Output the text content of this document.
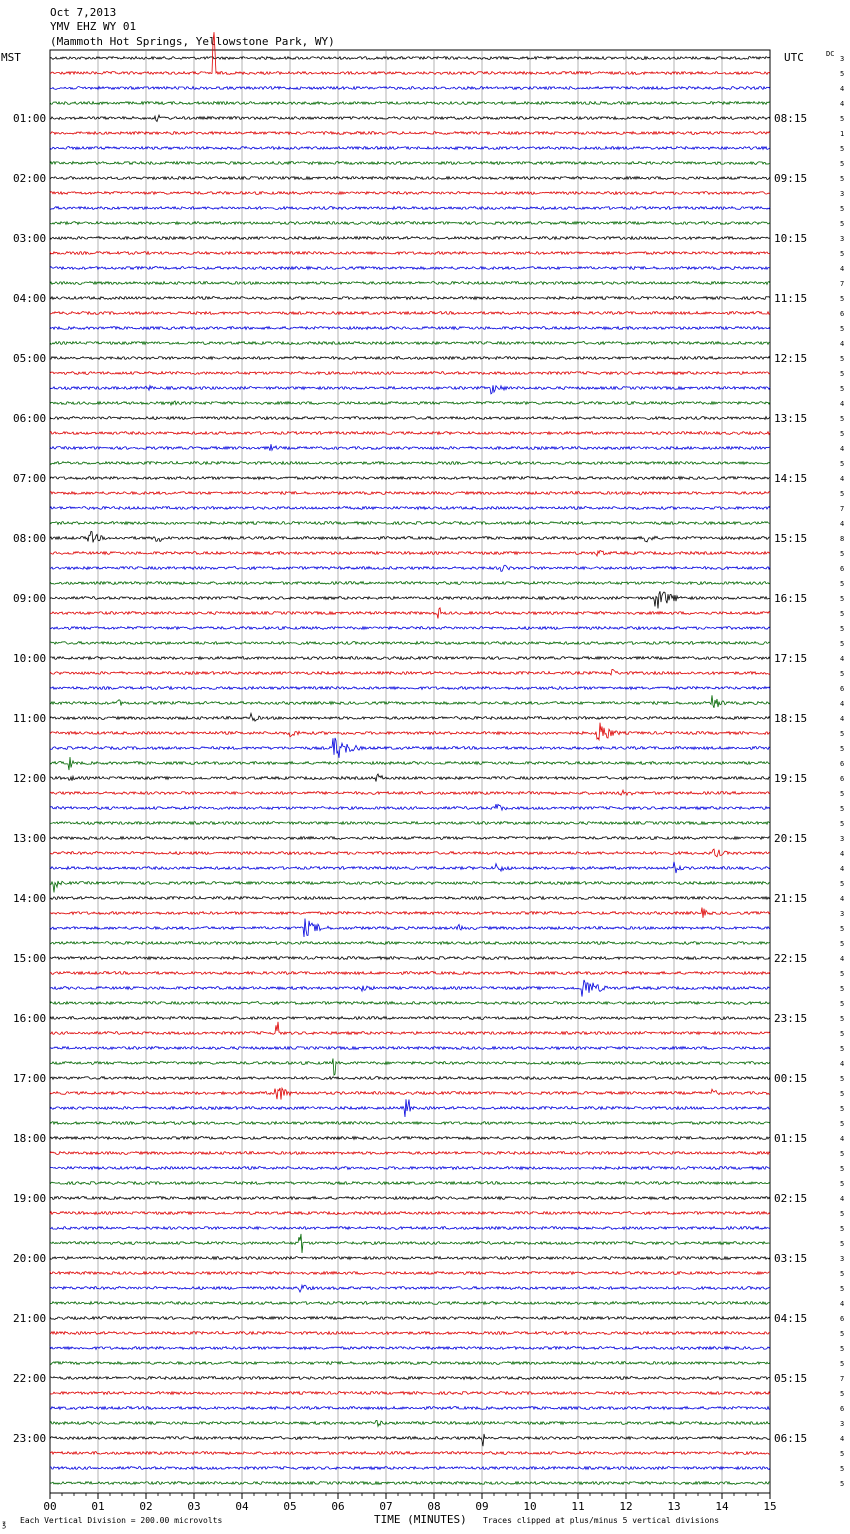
Oct 7,2013
YMV EHZ WY 01
(Mammoth Hot Springs, Yellowstone Park, WY)
MST	UTC	DC
01:00
02:00
03:00
04:00
05:00
06:00
07:00
08:00
09:00
10:00
11:00
12:00
13:00
14:00
15:00
16:00
17:00
18:00
19:00
20:00
21:00
22:00
23:00
08:15
09:15
10:15
11:15
12:15
13:15
14:15
15:15
16:15
17:15
18:15
19:15
20:15
21:15
22:15
23:15
00:15
01:15
02:15
03:15
04:15
05:15
06:15
3
5
4
4
5
1
5
5
5
3
5
5
3
5
4
7
5
6
5
4
5
5
5
4
5
5
4
5
4
5
7
4
8
5
6
5
5
5
5
5
4
5
6
4
4
5
5
6
6
5
5
5
3
4
4
5
4
3
5
5
4
5
5
5
5
5
5
4
5
5
5
5
4
5
5
5
4
5
5
5
3
5
5
4
6
5
5
5
7
5
6
3
4
5
5
5
00	01	02	03	04	05	06	07	08	09	10	11	12	13	14	15
℥ Each Vertical Division = 200.00 microvolts	TIME (MINUTES) Traces clipped at plus/minus 5 vertical divisions
